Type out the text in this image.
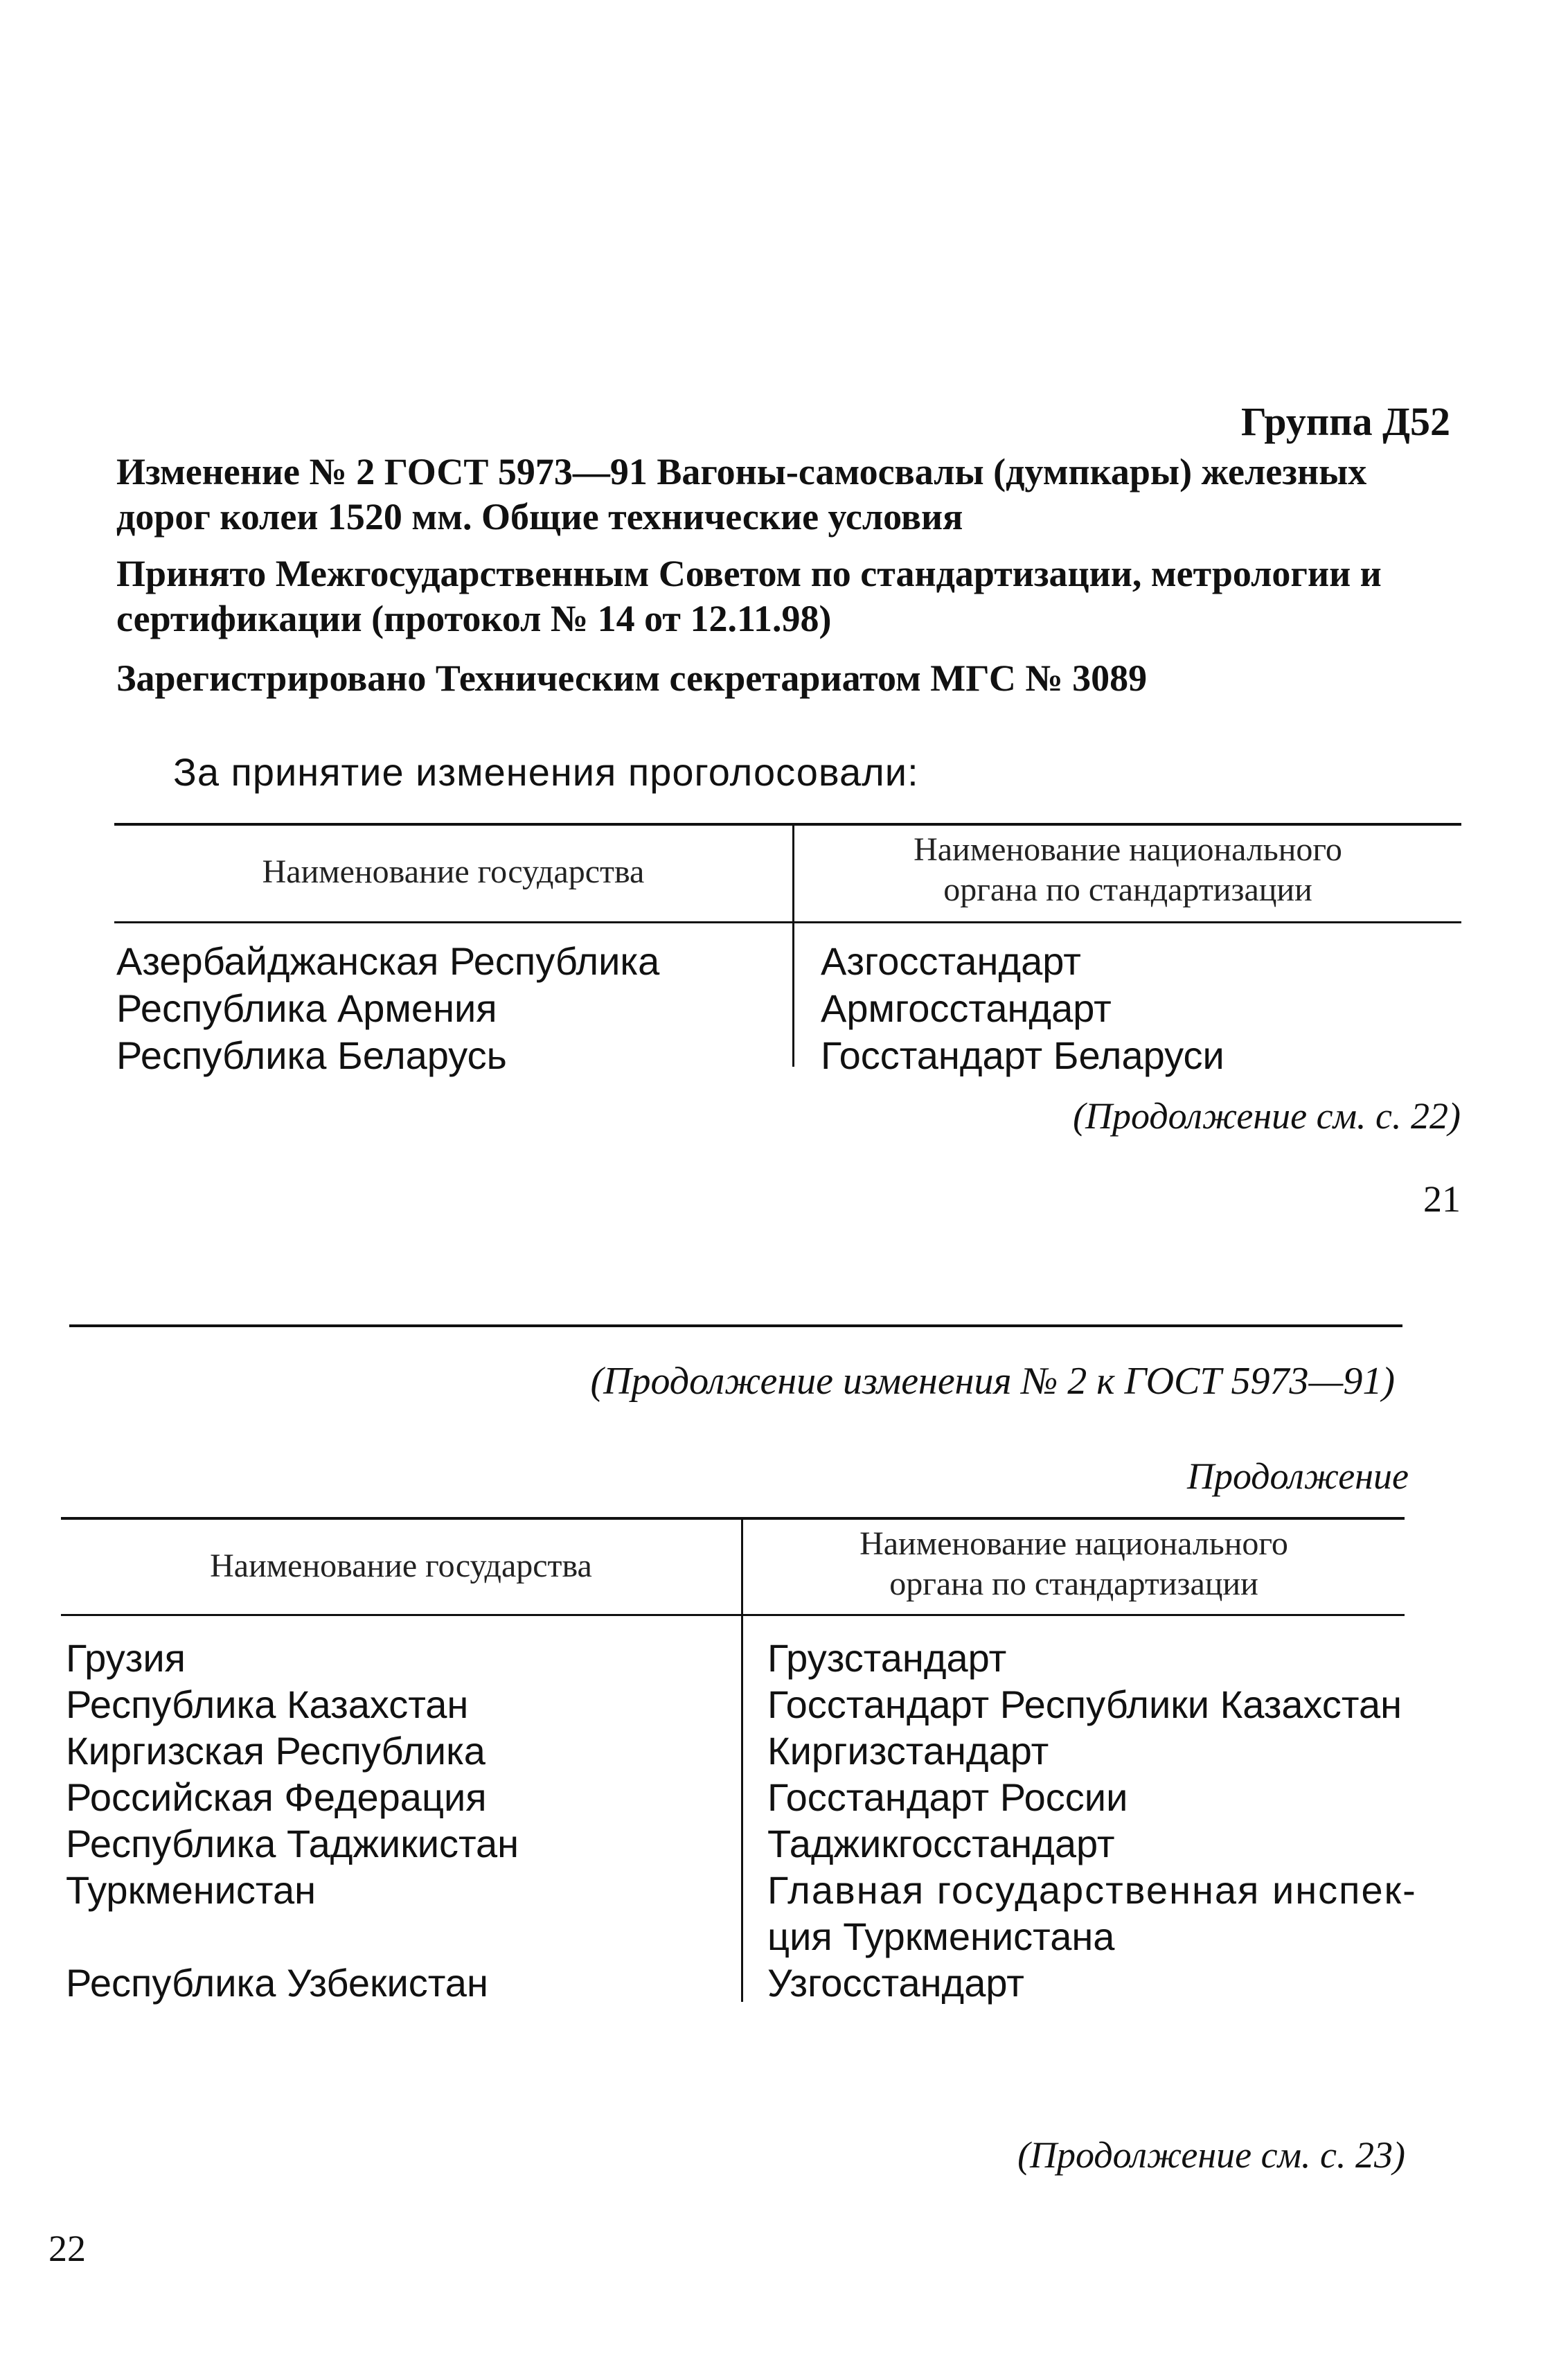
Группа Д52
Изменение № 2 ГОСТ 5973—91 Вагоны-самосвалы (думпкары) железных
дорог колеи 1520 мм. Общие технические условия
Принято Межгосударственным Советом по стандартизации, метрологии и
сертификации (протокол № 14 от 12.11.98)
Зарегистрировано Техническим секретариатом МГС № 3089
За принятие изменения проголосовали:
Наименование государства
Наименование национального
органа по стандартизации
Азербайджанская Республика
Республика Армения
Республика Беларусь
Азгосстандарт
Армгосстандарт
Госстандарт Беларуси
(Продолжение см. с. 22)
21
(Продолжение изменения № 2 к ГОСТ 5973—91)
Продолжение
Наименование государства
Наименование национального
органа по стандартизации
Грузия
Республика Казахстан
Киргизская Республика
Российская Федерация
Республика Таджикистан
Туркменистан
Республика Узбекистан
Грузстандарт
Госстандарт Республики Казахстан
Киргизстандарт
Госстандарт России
Таджикгосстандарт
Главная государственная инспек-
ция Туркменистана
Узгосстандарт
(Продолжение см. с. 23)
22
